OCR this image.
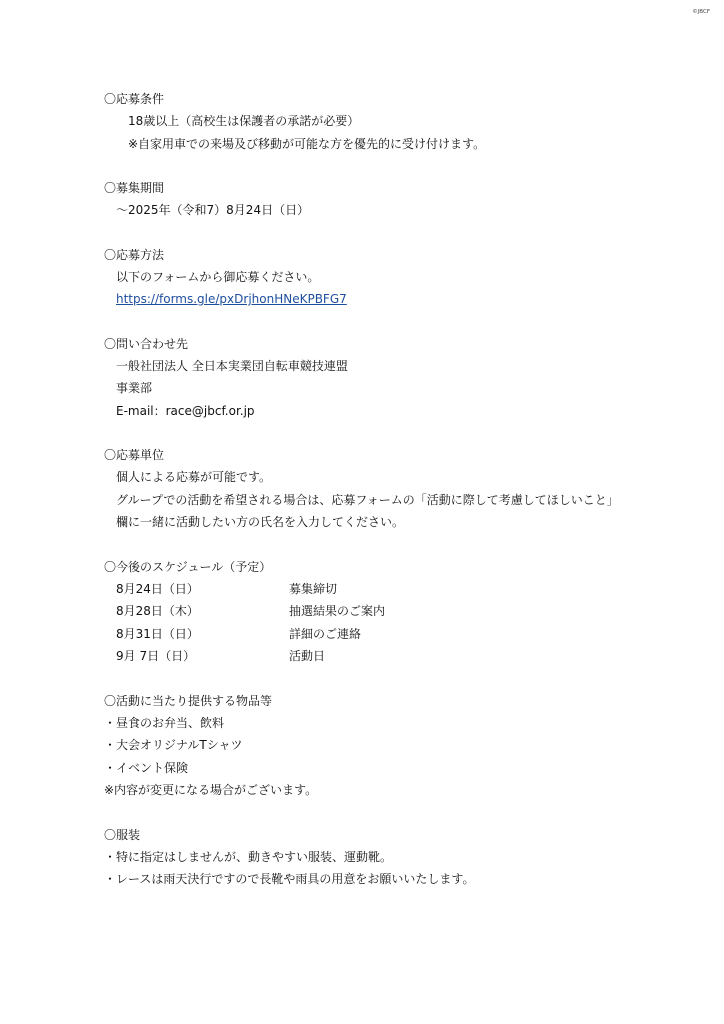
©JBCF
〇応募条件
18歳以上（高校生は保護者の承諾が必要）
※自家用車での来場及び移動が可能な方を優先的に受け付けます。
〇募集期間
～2025年（令和7）8月24日（日）
〇応募方法
以下のフォームから御応募ください。
https://forms.gle/pxDrjhonHNeKPBFG7
〇問い合わせ先
一般社団法人 全日本実業団自転車競技連盟
事業部
E-mail：race@jbcf.or.jp
〇応募単位
個人による応募が可能です。
グループでの活動を希望される場合は、応募フォームの「活動に際して考慮してほしいこと」欄に一緒に活動したい方の氏名を入力してください。
〇今後のスケジュール（予定）
8月24日（日）	募集締切
8月28日（木）	抽選結果のご案内
8月31日（日）	詳細のご連絡
9月 7日（日）	活動日
〇活動に当たり提供する物品等
・昼食のお弁当、飲料
・大会オリジナルTシャツ
・イベント保険
※内容が変更になる場合がございます。
〇服装
・特に指定はしませんが、動きやすい服装、運動靴。
・レースは雨天決行ですので長靴や雨具の用意をお願いいたします。
